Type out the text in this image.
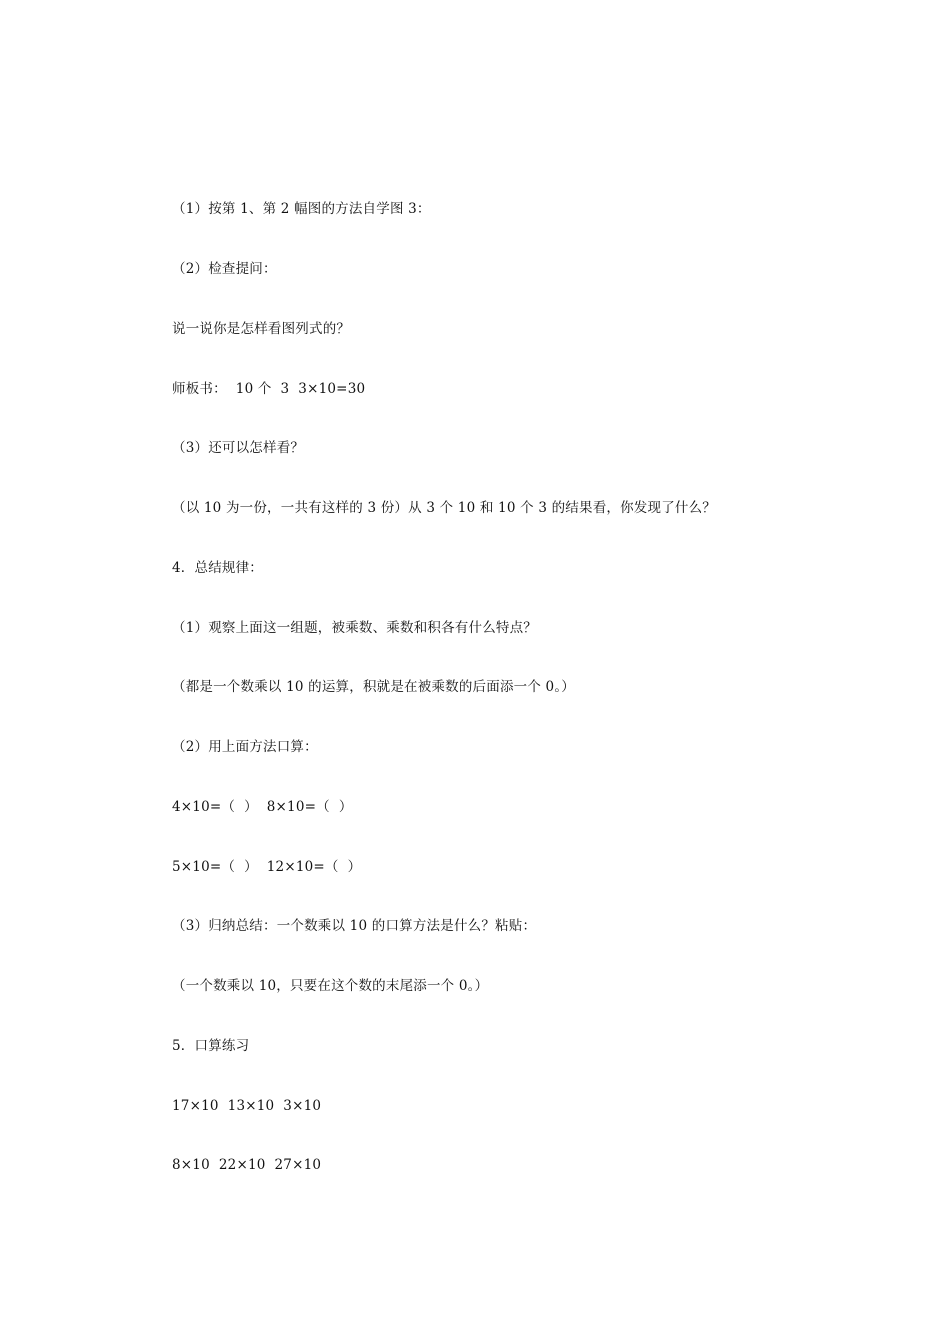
（1）按第 1、第 2 幅图的方法自学图 3：
（2）检查提问：
说一说你是怎样看图列式的？
师板书：  10 个  3  3×10=30
（3）还可以怎样看？
（以 10 为一份，一共有这样的 3 份）从 3 个 10 和 10 个 3 的结果看，你发现了什么？
4．总结规律：
（1）观察上面这一组题，被乘数、乘数和积各有什么特点？
（都是一个数乘以 10 的运算，积就是在被乘数的后面添一个 0。）
（2）用上面方法口算：
4×10=（  ）  8×10=（  ）
5×10=（  ）  12×10=（  ）
（3）归纳总结：一个数乘以 10 的口算方法是什么？粘贴：
（一个数乘以 10，只要在这个数的末尾添一个 0。）
5．口算练习
17×10  13×10  3×10
8×10  22×10  27×10
